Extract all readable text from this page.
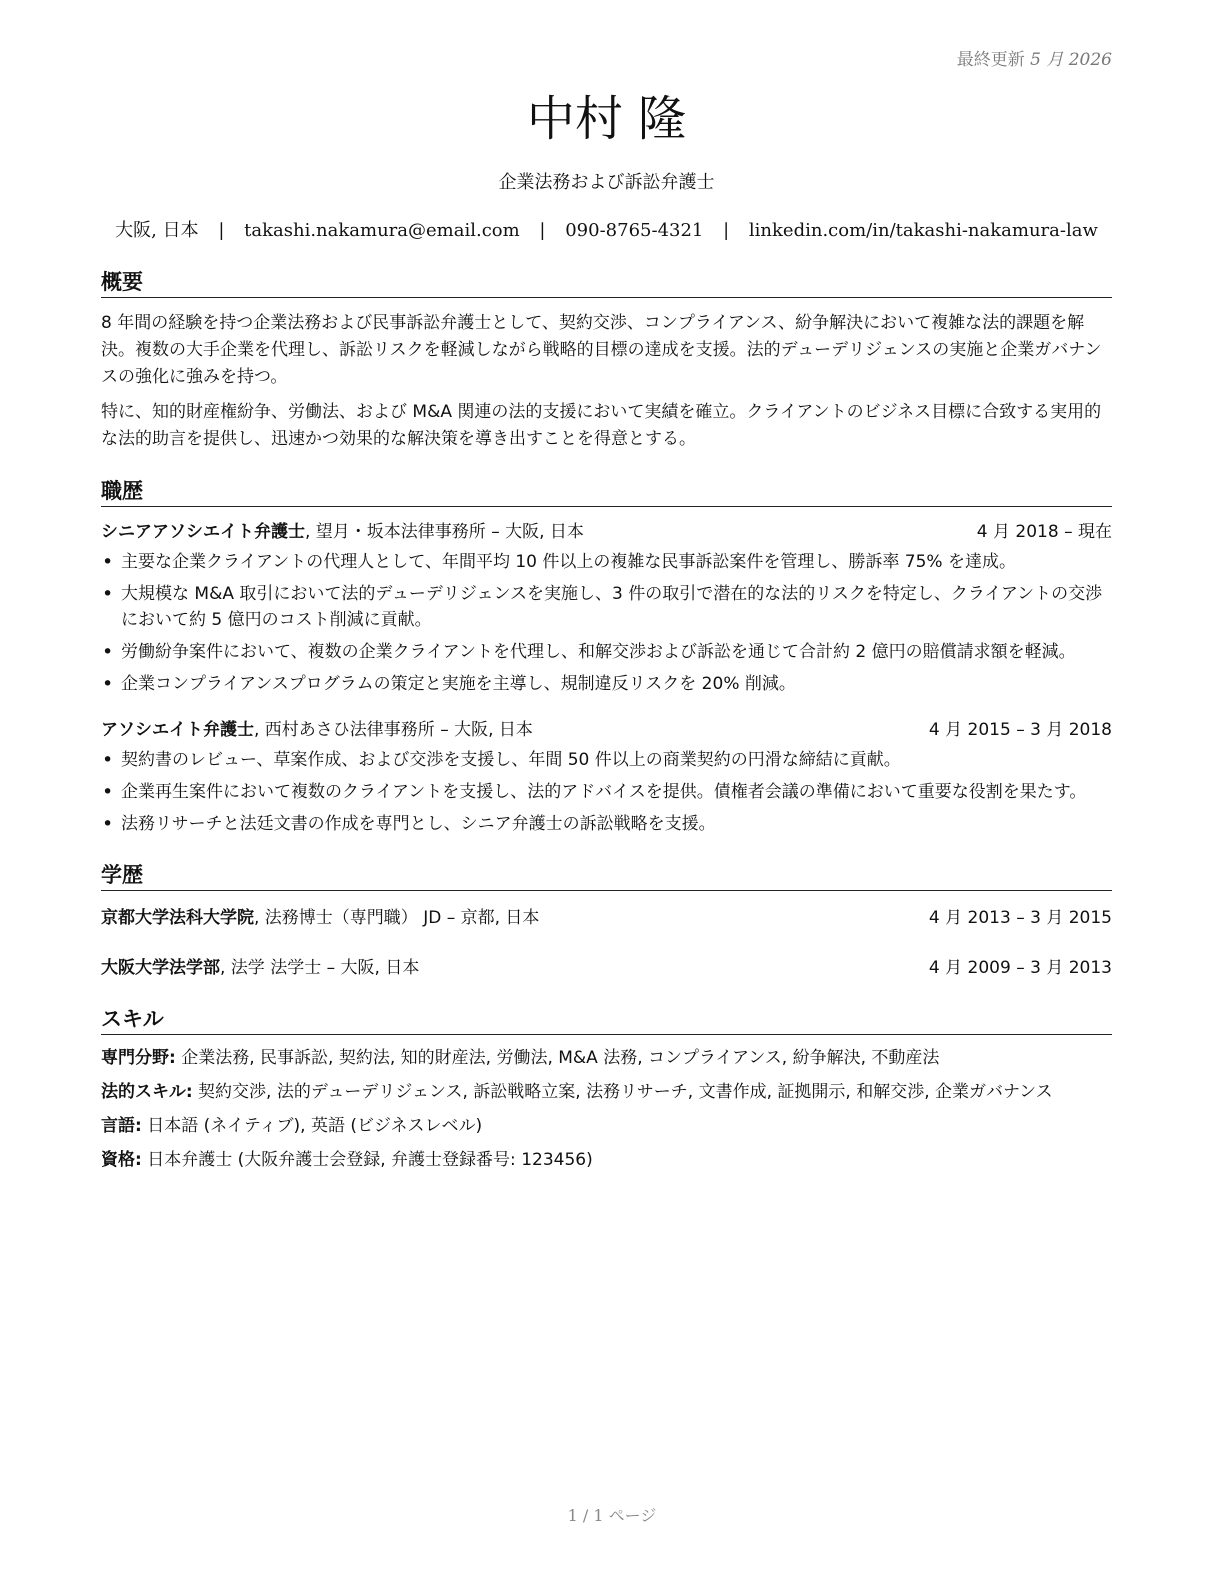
最終更新 5 月 2026
中村 隆
企業法務および訴訟弁護士
大阪, 日本 | takashi.nakamura@email.com | 090-8765-4321 | linkedin.com/in/takashi-nakamura-law
概要
8 年間の経験を持つ企業法務および民事訴訟弁護士として、契約交渉、コンプライアンス、紛争解決において複雑な法的課題を解決。複数の大手企業を代理し、訴訟リスクを軽減しながら戦略的目標の達成を支援。法的デューデリジェンスの実施と企業ガバナンスの強化に強みを持つ。
特に、知的財産権紛争、労働法、および M&A 関連の法的支援において実績を確立。クライアントのビジネス目標に合致する実用的な法的助言を提供し、迅速かつ効果的な解決策を導き出すことを得意とする。
職歴
シニアアソシエイト弁護士, 望月・坂本法律事務所 – 大阪, 日本	4 月 2018 – 現在
• 主要な企業クライアントの代理人として、年間平均 10 件以上の複雑な民事訴訟案件を管理し、勝訴率 75% を達成。
• 大規模な M&A 取引において法的デューデリジェンスを実施し、3 件の取引で潜在的な法的リスクを特定し、クライアントの交渉において約 5 億円のコスト削減に貢献。
• 労働紛争案件において、複数の企業クライアントを代理し、和解交渉および訴訟を通じて合計約 2 億円の賠償請求額を軽減。
• 企業コンプライアンスプログラムの策定と実施を主導し、規制違反リスクを 20% 削減。
アソシエイト弁護士, 西村あさひ法律事務所 – 大阪, 日本	4 月 2015 – 3 月 2018
• 契約書のレビュー、草案作成、および交渉を支援し、年間 50 件以上の商業契約の円滑な締結に貢献。
• 企業再生案件において複数のクライアントを支援し、法的アドバイスを提供。債権者会議の準備において重要な役割を果たす。
• 法務リサーチと法廷文書の作成を専門とし、シニア弁護士の訴訟戦略を支援。
学歴
京都大学法科大学院, 法務博士（専門職） JD – 京都, 日本	4 月 2013 – 3 月 2015
大阪大学法学部, 法学 法学士 – 大阪, 日本	4 月 2009 – 3 月 2013
スキル
専門分野: 企業法務, 民事訴訟, 契約法, 知的財産法, 労働法, M&A 法務, コンプライアンス, 紛争解決, 不動産法
法的スキル: 契約交渉, 法的デューデリジェンス, 訴訟戦略立案, 法務リサーチ, 文書作成, 証拠開示, 和解交渉, 企業ガバナンス
言語: 日本語 (ネイティブ), 英語 (ビジネスレベル)
資格: 日本弁護士 (大阪弁護士会登録, 弁護士登録番号: 123456)
1 / 1 ページ
